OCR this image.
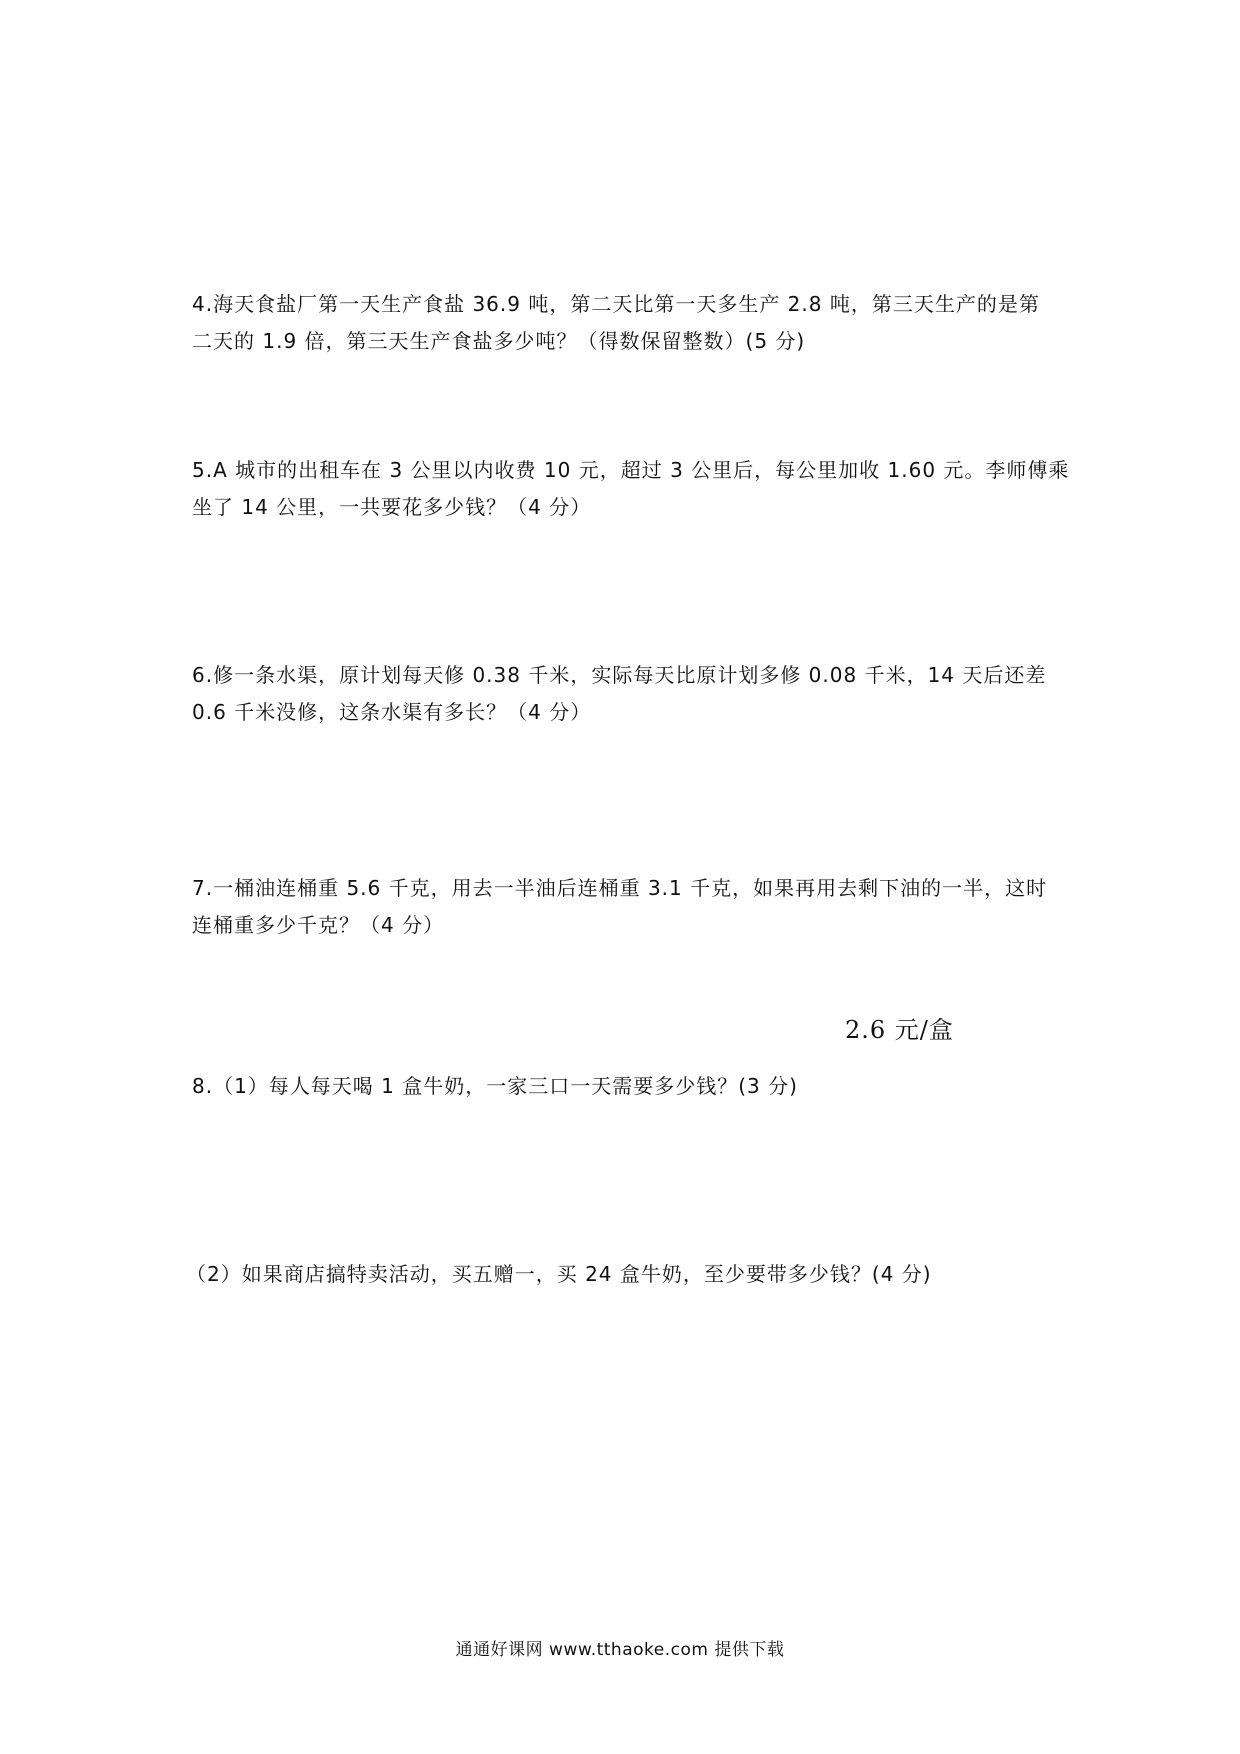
4.海天食盐厂第一天生产食盐 36.9 吨，第二天比第一天多生产 2.8 吨，第三天生产的是第
二天的 1.9 倍，第三天生产食盐多少吨？（得数保留整数）(5 分)
5.A 城市的出租车在 3 公里以内收费 10 元，超过 3 公里后，每公里加收 1.60 元。李师傅乘
坐了 14 公里，一共要花多少钱？（4 分）
6.修一条水渠，原计划每天修 0.38 千米，实际每天比原计划多修 0.08 千米，14 天后还差
0.6 千米没修，这条水渠有多长？（4 分）
7.一桶油连桶重 5.6 千克，用去一半油后连桶重 3.1 千克，如果再用去剩下油的一半，这时
连桶重多少千克？（4 分）
2.6 元/盒
8.（1）每人每天喝 1 盒牛奶，一家三口一天需要多少钱？(3 分)
（2）如果商店搞特卖活动，买五赠一，买 24 盒牛奶，至少要带多少钱？(4 分)
通通好课网 www.tthaoke.com 提供下载
